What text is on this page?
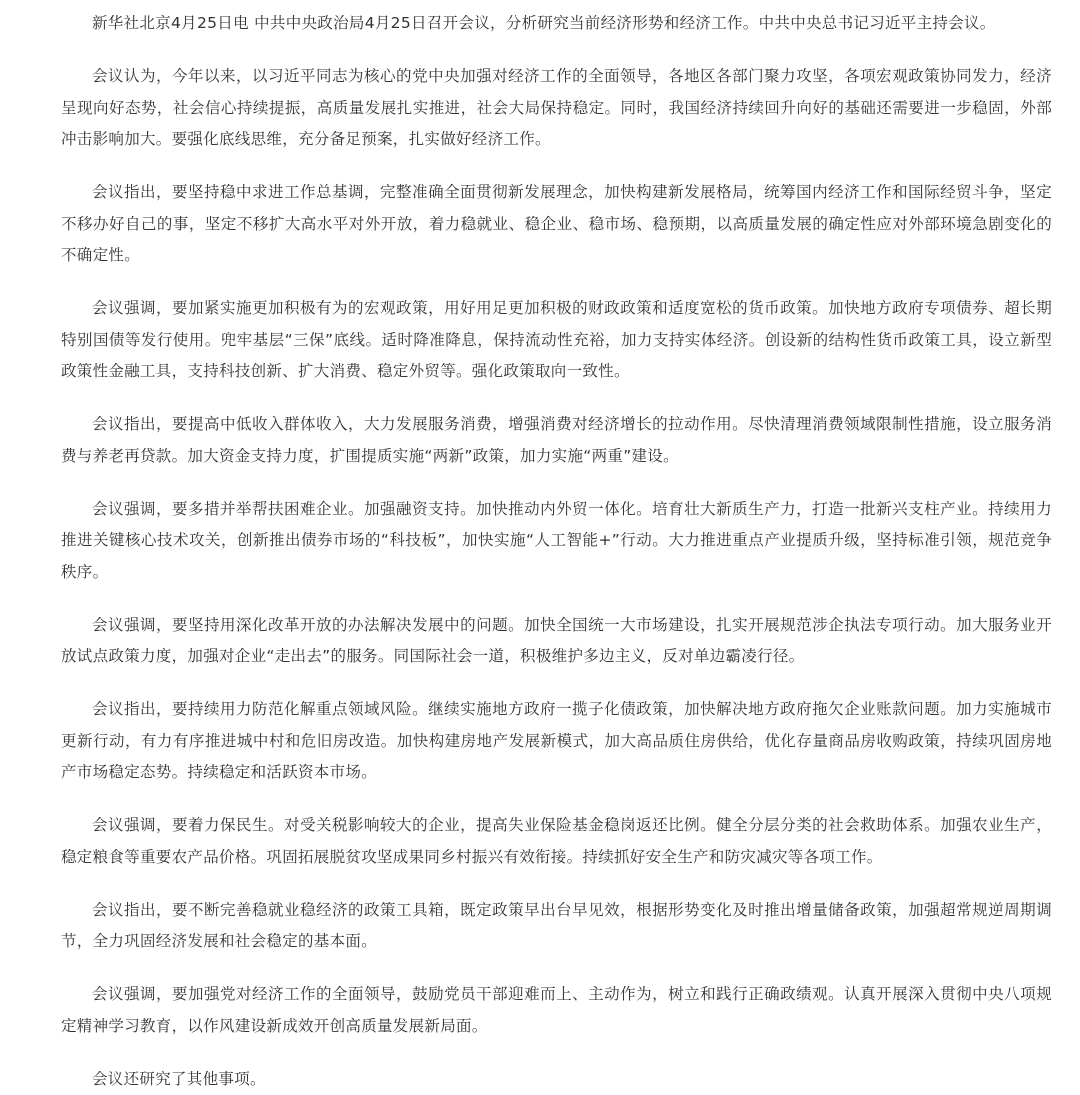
新华社北京4月25日电 中共中央政治局4月25日召开会议，分析研究当前经济形势和经济工作。中共中央总书记习近平主持会议。

会议认为，今年以来，以习近平同志为核心的党中央加强对经济工作的全面领导，各地区各部门聚力攻坚，各项宏观政策协同发力，经济呈现向好态势，社会信心持续提振，高质量发展扎实推进，社会大局保持稳定。同时，我国经济持续回升向好的基础还需要进一步稳固，外部冲击影响加大。要强化底线思维，充分备足预案，扎实做好经济工作。

会议指出，要坚持稳中求进工作总基调，完整准确全面贯彻新发展理念，加快构建新发展格局，统筹国内经济工作和国际经贸斗争，坚定不移办好自己的事，坚定不移扩大高水平对外开放，着力稳就业、稳企业、稳市场、稳预期，以高质量发展的确定性应对外部环境急剧变化的不确定性。

会议强调，要加紧实施更加积极有为的宏观政策，用好用足更加积极的财政政策和适度宽松的货币政策。加快地方政府专项债券、超长期特别国债等发行使用。兜牢基层“三保”底线。适时降准降息，保持流动性充裕，加力支持实体经济。创设新的结构性货币政策工具，设立新型政策性金融工具，支持科技创新、扩大消费、稳定外贸等。强化政策取向一致性。

会议指出，要提高中低收入群体收入，大力发展服务消费，增强消费对经济增长的拉动作用。尽快清理消费领域限制性措施，设立服务消费与养老再贷款。加大资金支持力度，扩围提质实施“两新”政策，加力实施“两重”建设。

会议强调，要多措并举帮扶困难企业。加强融资支持。加快推动内外贸一体化。培育壮大新质生产力，打造一批新兴支柱产业。持续用力推进关键核心技术攻关，创新推出债券市场的“科技板”，加快实施“人工智能+”行动。大力推进重点产业提质升级，坚持标准引领，规范竞争秩序。

会议强调，要坚持用深化改革开放的办法解决发展中的问题。加快全国统一大市场建设，扎实开展规范涉企执法专项行动。加大服务业开放试点政策力度，加强对企业“走出去”的服务。同国际社会一道，积极维护多边主义，反对单边霸凌行径。

会议指出，要持续用力防范化解重点领域风险。继续实施地方政府一揽子化债政策，加快解决地方政府拖欠企业账款问题。加力实施城市更新行动，有力有序推进城中村和危旧房改造。加快构建房地产发展新模式，加大高品质住房供给，优化存量商品房收购政策，持续巩固房地产市场稳定态势。持续稳定和活跃资本市场。

会议强调，要着力保民生。对受关税影响较大的企业，提高失业保险基金稳岗返还比例。健全分层分类的社会救助体系。加强农业生产，稳定粮食等重要农产品价格。巩固拓展脱贫攻坚成果同乡村振兴有效衔接。持续抓好安全生产和防灾减灾等各项工作。

会议指出，要不断完善稳就业稳经济的政策工具箱，既定政策早出台早见效，根据形势变化及时推出增量储备政策，加强超常规逆周期调节，全力巩固经济发展和社会稳定的基本面。

会议强调，要加强党对经济工作的全面领导，鼓励党员干部迎难而上、主动作为，树立和践行正确政绩观。认真开展深入贯彻中央八项规定精神学习教育，以作风建设新成效开创高质量发展新局面。

会议还研究了其他事项。
